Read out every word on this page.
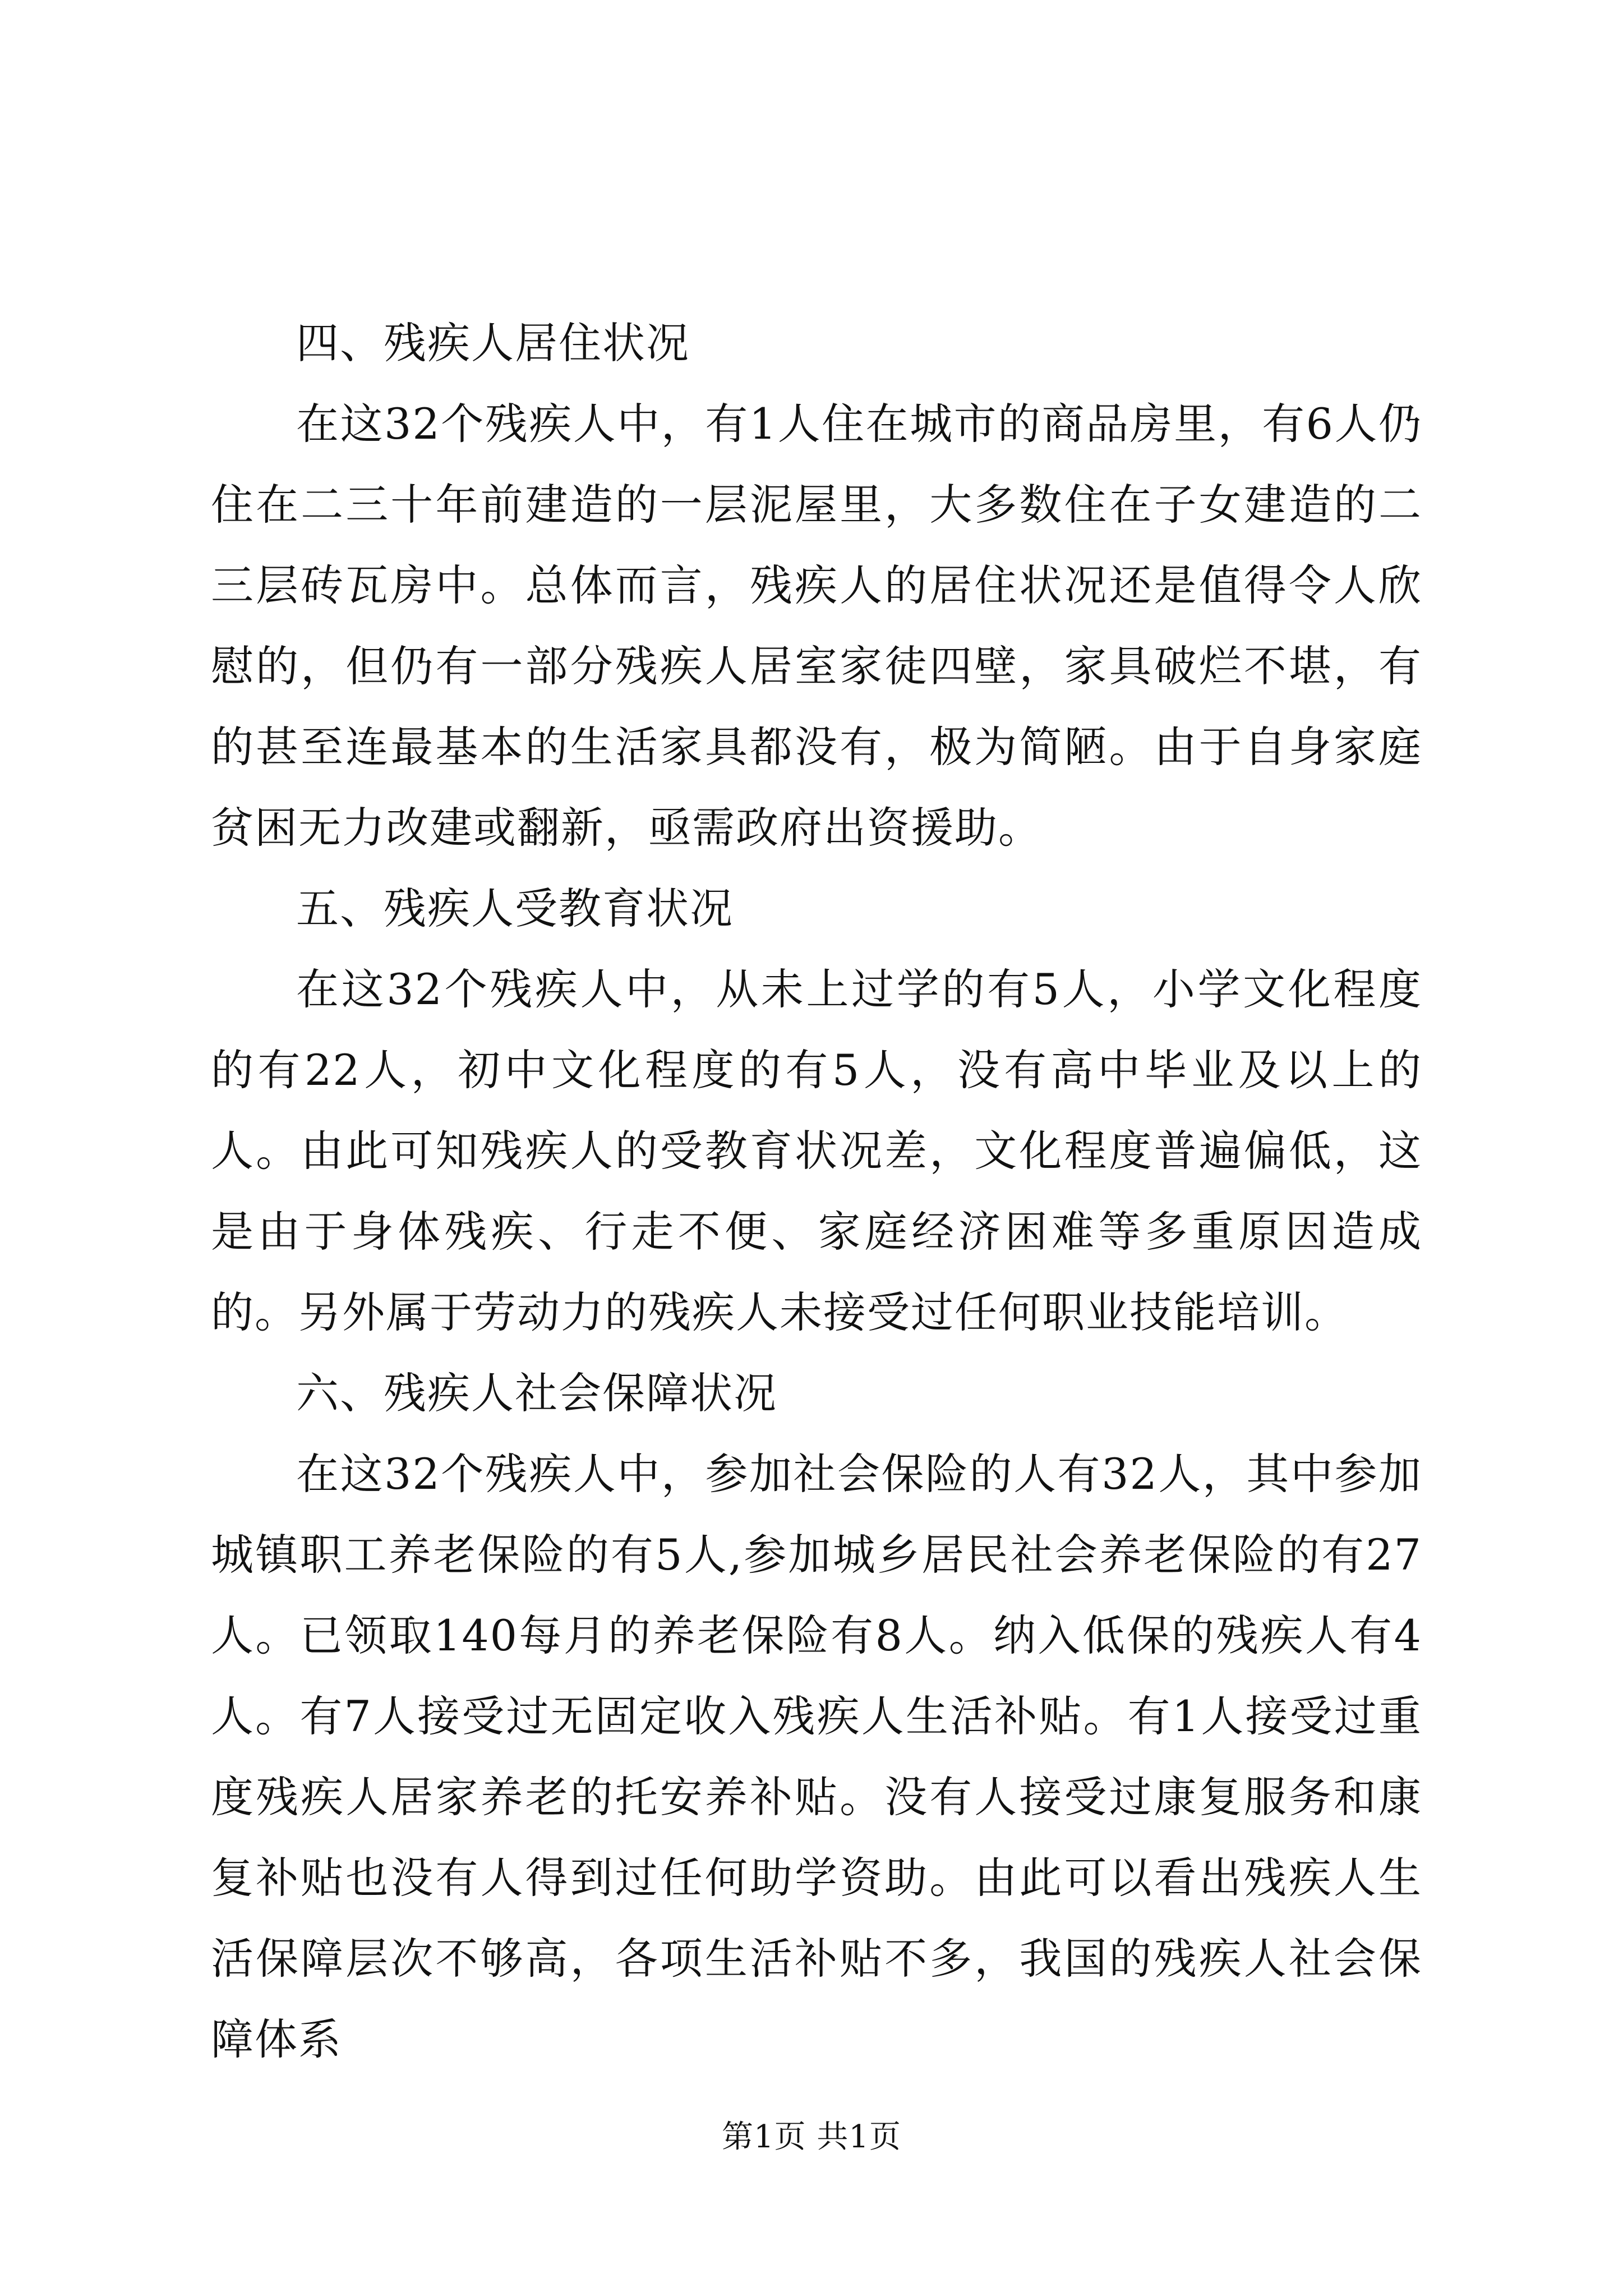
四、残疾人居住状况

在这32个残疾人中，有1人住在城市的商品房里，有6人仍住在二三十年前建造的一层泥屋里，大多数住在子女建造的二三层砖瓦房中。总体而言，残疾人的居住状况还是值得令人欣慰的，但仍有一部分残疾人居室家徒四壁，家具破烂不堪，有的甚至连最基本的生活家具都没有，极为简陋。由于自身家庭贫困无力改建或翻新，亟需政府出资援助。

五、残疾人受教育状况

在这32个残疾人中，从未上过学的有5人，小学文化程度的有22人，初中文化程度的有5人，没有高中毕业及以上的人。由此可知残疾人的受教育状况差，文化程度普遍偏低，这是由于身体残疾、行走不便、家庭经济困难等多重原因造成的。另外属于劳动力的残疾人未接受过任何职业技能培训。

六、残疾人社会保障状况

在这32个残疾人中，参加社会保险的人有32人，其中参加城镇职工养老保险的有5人,参加城乡居民社会养老保险的有27人。已领取140每月的养老保险有8人。纳入低保的残疾人有4人。有7人接受过无固定收入残疾人生活补贴。有1人接受过重度残疾人居家养老的托安养补贴。没有人接受过康复服务和康复补贴也没有人得到过任何助学资助。由此可以看出残疾人生活保障层次不够高，各项生活补贴不多，我国的残疾人社会保障体系

第1页 共1页
